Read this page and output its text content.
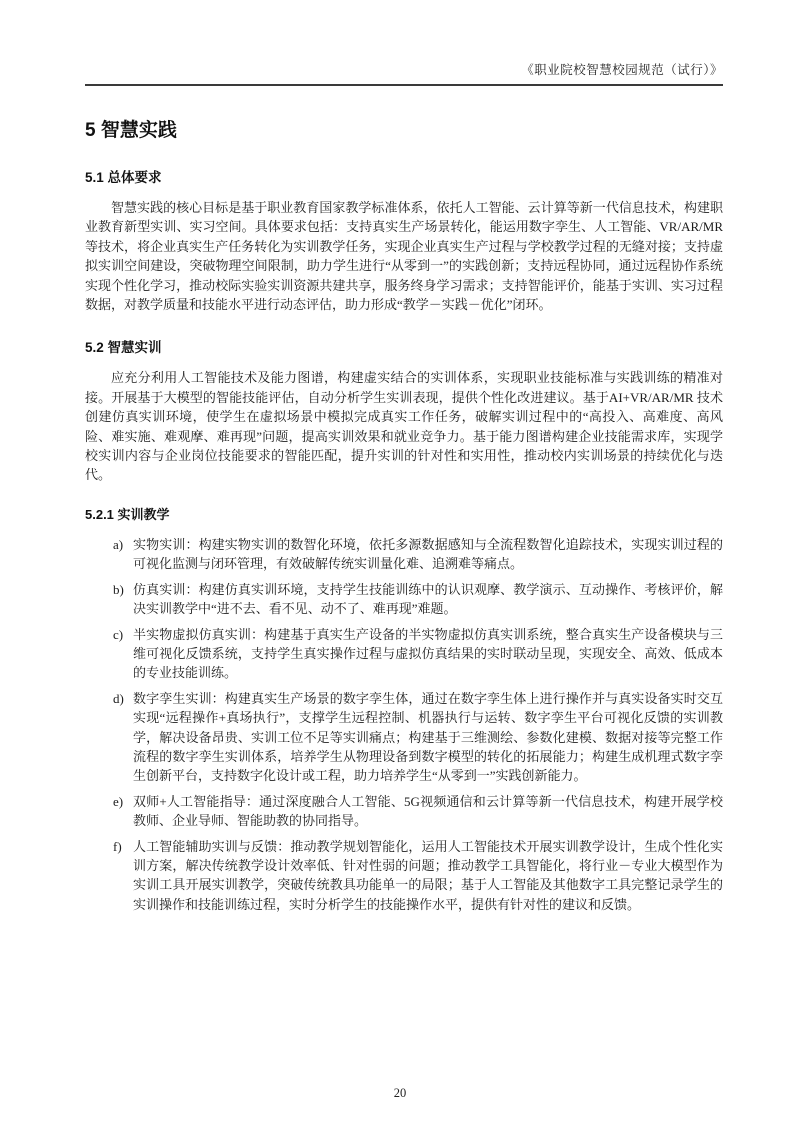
《职业院校智慧校园规范（试行）》
5 智慧实践
5.1 总体要求
智慧实践的核心目标是基于职业教育国家教学标准体系，依托人工智能、云计算等新一代信息技术，构建职业教育新型实训、实习空间。具体要求包括：支持真实生产场景转化，能运用数字孪生、人工智能、VR/AR/MR 等技术，将企业真实生产任务转化为实训教学任务，实现企业真实生产过程与学校教学过程的无缝对接；支持虚拟实训空间建设，突破物理空间限制，助力学生进行“从零到一”的实践创新；支持远程协同，通过远程协作系统实现个性化学习，推动校际实验实训资源共建共享，服务终身学习需求；支持智能评价，能基于实训、实习过程数据，对教学质量和技能水平进行动态评估，助力形成“教学－实践－优化”闭环。
5.2 智慧实训
应充分利用人工智能技术及能力图谱，构建虚实结合的实训体系，实现职业技能标准与实践训练的精准对接。开展基于大模型的智能技能评估，自动分析学生实训表现，提供个性化改进建议。基于AI+VR/AR/MR 技术创建仿真实训环境，使学生在虚拟场景中模拟完成真实工作任务，破解实训过程中的“高投入、高难度、高风险、难实施、难观摩、难再现”问题，提高实训效果和就业竞争力。基于能力图谱构建企业技能需求库，实现学校实训内容与企业岗位技能要求的智能匹配，提升实训的针对性和实用性，推动校内实训场景的持续优化与迭代。
5.2.1 实训教学
a) 实物实训：构建实物实训的数智化环境，依托多源数据感知与全流程数智化追踪技术，实现实训过程的可视化监测与闭环管理，有效破解传统实训量化难、追溯难等痛点。
b) 仿真实训：构建仿真实训环境，支持学生技能训练中的认识观摩、教学演示、互动操作、考核评价，解决实训教学中“进不去、看不见、动不了、难再现”难题。
c) 半实物虚拟仿真实训：构建基于真实生产设备的半实物虚拟仿真实训系统，整合真实生产设备模块与三维可视化反馈系统，支持学生真实操作过程与虚拟仿真结果的实时联动呈现，实现安全、高效、低成本的专业技能训练。
d) 数字孪生实训：构建真实生产场景的数字孪生体，通过在数字孪生体上进行操作并与真实设备实时交互实现“远程操作+真场执行”，支撑学生远程控制、机器执行与运转、数字孪生平台可视化反馈的实训教学，解决设备昂贵、实训工位不足等实训痛点；构建基于三维测绘、参数化建模、数据对接等完整工作流程的数字孪生实训体系，培养学生从物理设备到数字模型的转化的拓展能力；构建生成机理式数字孪生创新平台，支持数字化设计或工程，助力培养学生“从零到一”实践创新能力。
e) 双师+人工智能指导：通过深度融合人工智能、5G视频通信和云计算等新一代信息技术，构建开展学校教师、企业导师、智能助教的协同指导。
f) 人工智能辅助实训与反馈：推动教学规划智能化，运用人工智能技术开展实训教学设计，生成个性化实训方案，解决传统教学设计效率低、针对性弱的问题；推动教学工具智能化，将行业－专业大模型作为实训工具开展实训教学，突破传统教具功能单一的局限；基于人工智能及其他数字工具完整记录学生的实训操作和技能训练过程，实时分析学生的技能操作水平，提供有针对性的建议和反馈。
20
